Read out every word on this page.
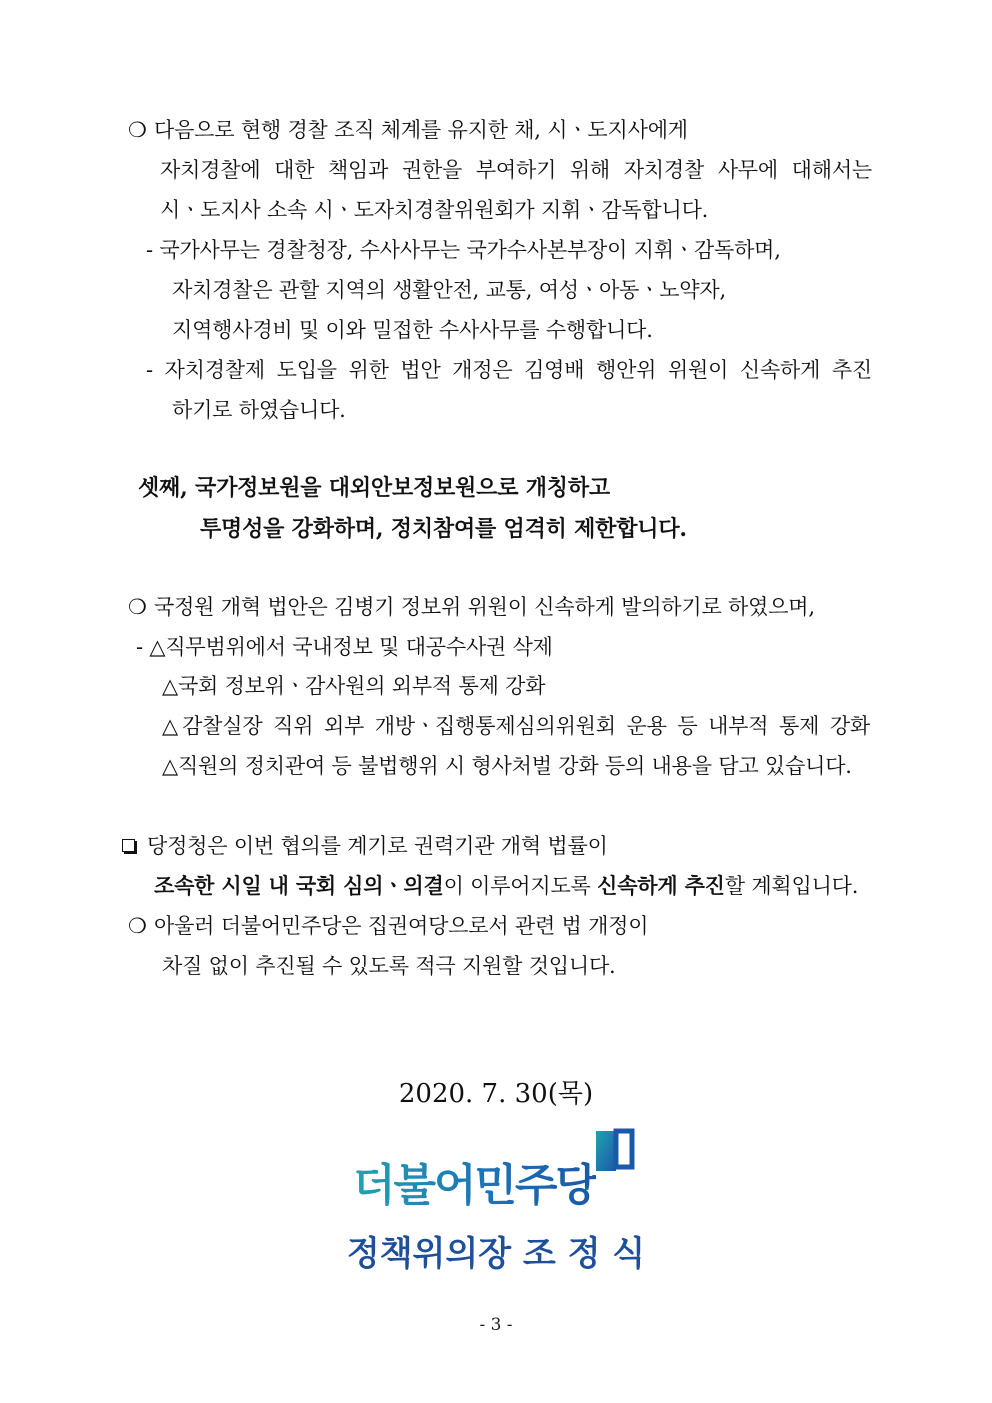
❍ 다음으로 현행 경찰 조직 체계를 유지한 채, 시ㆍ도지사에게
자치경찰에 대한 책임과 권한을 부여하기 위해 자치경찰 사무에 대해서는
시ㆍ도지사 소속 시ㆍ도자치경찰위원회가 지휘ㆍ감독합니다.
- 국가사무는 경찰청장, 수사사무는 국가수사본부장이 지휘ㆍ감독하며,
자치경찰은 관할 지역의 생활안전, 교통, 여성ㆍ아동ㆍ노약자,
지역행사경비 및 이와 밀접한 수사사무를 수행합니다.
- 자치경찰제 도입을 위한 법안 개정은 김영배 행안위 위원이 신속하게 추진
하기로 하였습니다.
셋째, 국가정보원을 대외안보정보원으로 개칭하고
투명성을 강화하며, 정치참여를 엄격히 제한합니다.
❍ 국정원 개혁 법안은 김병기 정보위 위원이 신속하게 발의하기로 하였으며,
- △직무범위에서 국내정보 및 대공수사권 삭제
△국회 정보위ㆍ감사원의 외부적 통제 강화
△감찰실장 직위 외부 개방ㆍ집행통제심의위원회 운용 등 내부적 통제 강화
△직원의 정치관여 등 불법행위 시 형사처벌 강화 등의 내용을 담고 있습니다.
당정청은 이번 협의를 계기로 권력기관 개혁 법률이
조속한 시일 내 국회 심의ㆍ의결이 이루어지도록 신속하게 추진할 계획입니다.
❍ 아울러 더불어민주당은 집권여당으로서 관련 법 개정이
차질 없이 추진될 수 있도록 적극 지원할 것입니다.
2020. 7. 30(목)
더불어민주당
정책위의장 조 정 식
- 3 -
